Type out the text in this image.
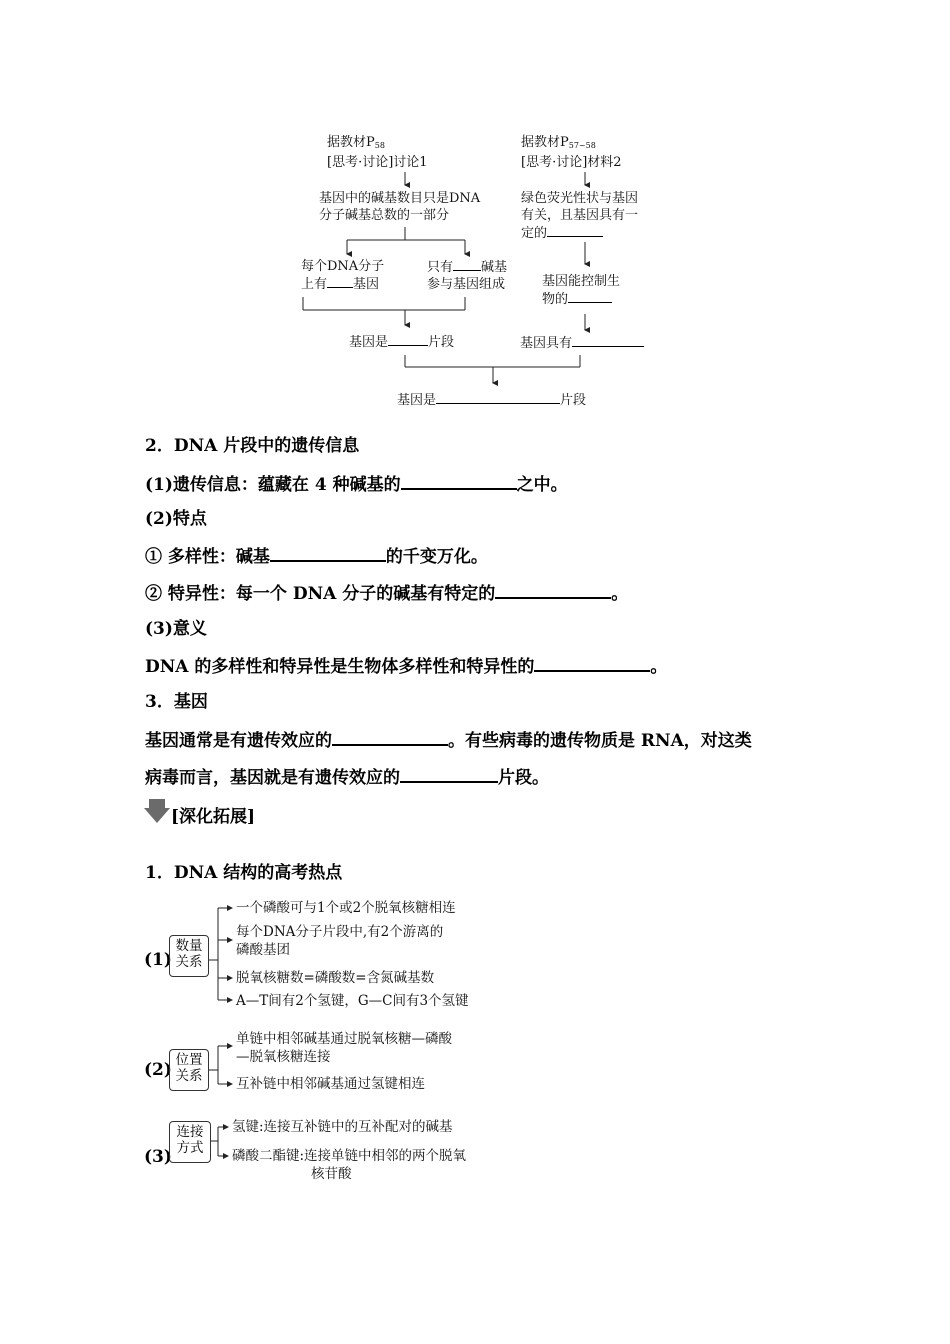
据教材$P_{58}$
[思考·讨论]讨论1
据教材$P_{57\sim 58}$
[思考·讨论]材料2
基因中的碱基数目只是DNA
分子碱基总数的一部分
绿色荧光性状与基因
有关，且基因具有一
定的
每个DNA分子
上有 基因
只有 碱基
参与基因组成	基因能控制生
物的
基因是	片段	基因具有
基因是	片段
2．DNA 片段中的遗传信息
(1)遗传信息：蕴藏在 4 种碱基的	之中。
(2)特点
① 多样性：碱基	的千变万化。
② 特异性：每一个 DNA 分子的碱基有特定的	。
(3)意义
DNA 的多样性和特异性是生物体多样性和特异性的	。
3．基因
基因通常是有遗传效应的	。有些病毒的遗传物质是 RNA，对这类
病毒而言，基因就是有遗传效应的	片段。
[深化拓展]
1．DNA 结构的高考热点
(1)
数量
关系
一个磷酸可与1个或2个脱氧核糖相连
每个DNA分子片段中,有2个游离的
磷酸基团
脱氧核糖数=磷酸数=含氮碱基数
A—T间有2个氢键，G—C间有3个氢键
(2) 位置
关系
单链中相邻碱基通过脱氧核糖—磷酸
—脱氧核糖连接
互补链中相邻碱基通过氢键相连
(3)
连接
方式
氢键:连接互补链中的互补配对的碱基
磷酸二酯键:连接单链中相邻的两个脱氧
核苷酸
